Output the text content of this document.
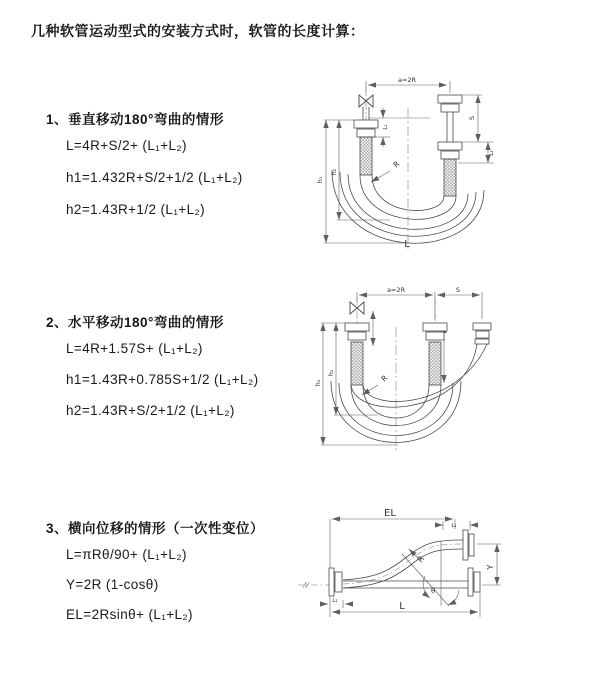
几种软管运动型式的安装方式时，软管的长度计算：
1、垂直移动180°弯曲的情形
L=4R+S/2+ (L₁+L₂)
h1=1.432R+S/2+1/2 (L₁+L₂)
h2=1.43R+1/2 (L₁+L₂)
2、水平移动180°弯曲的情形
L=4R+1.57S+ (L₁+L₂)
h1=1.43R+0.785S+1/2 (L₁+L₂)
h2=1.43R+S/2+1/2 (L₁+L₂)
3、横向位移的情形（一次性变位）
L=πRθ/90+ (L₁+L₂)
Y=2R (1-cosθ)
EL=2Rsinθ+ (L₁+L₂)
a=2R
L₁
S
L₂
h₁
h₂
R
L
a=2R	S
h₁
h₂
R
EL
L₁
Y
R
θ
L
L₁
